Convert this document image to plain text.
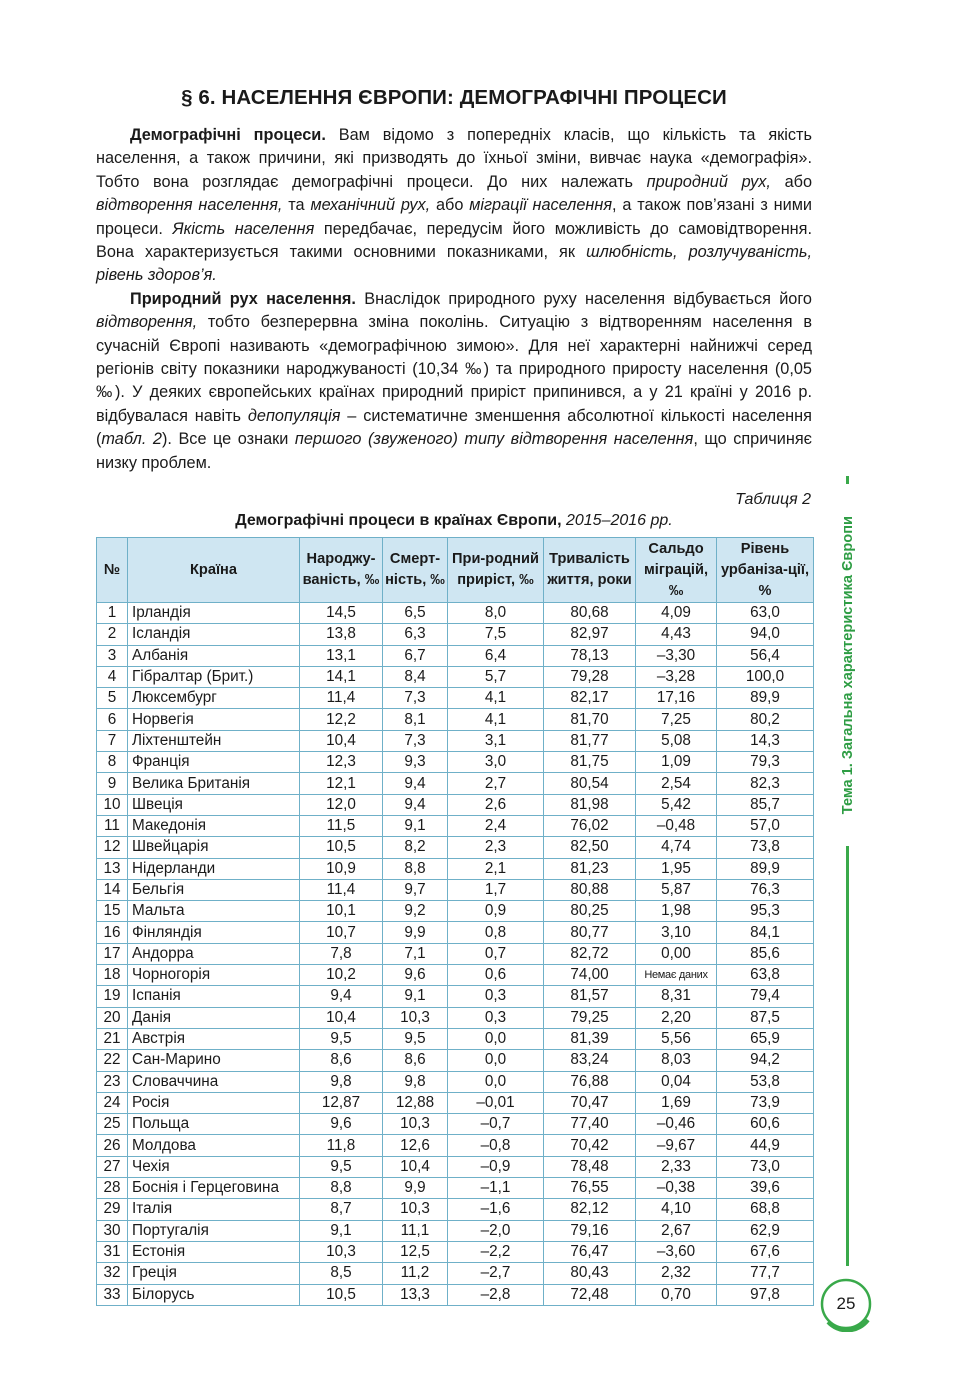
§ 6. НАСЕЛЕННЯ ЄВРОПИ: ДЕМОГРАФІЧНІ ПРОЦЕСИ

Демографічні процеси. Вам відомо з попередніх класів, що кількість та якість населення, а також причини, які призводять до їхньої зміни, вивчає наука «демографія». Тобто вона розглядає демографічні процеси. До них належать природний рух, або відтворення населення, та механічний рух, або міграції населення, а також пов’язані з ними процеси. Якість населення передбачає, передусім його можливість до самовідтворення. Вона характеризується такими основними показниками, як шлюбність, розлучуваність, рівень здоров’я.

Природний рух населення. Внаслідок природного руху населення відбувається його відтворення, тобто безперервна зміна поколінь. Ситуацію з відтворенням населення в сучасній Європі називають «демографічною зимою». Для неї характерні найнижчі серед регіонів світу показники народжуваності (10,34 ‰) та природного приросту населення (0,05 ‰). У деяких європейських країнах природний приріст припинився, а у 21 країні у 2016 р. відбувалася навіть депопуляція – систематичне зменшення абсолютної кількості населення (табл. 2). Все це ознаки першого (звуженого) типу відтворення населення, що спричиняє низку проблем.

Таблиця 2
Демографічні процеси в країнах Європи, 2015–2016 рр.
№	Країна	Народжу-ваність, ‰	Смерт-ність, ‰	При-родний приріст, ‰	Тривалість життя, роки	Сальдо міграцій, ‰	Рівень урбаніза-ції, %
1	Ірландія	14,5	6,5	8,0	80,68	4,09	63,0
2	Ісландія	13,8	6,3	7,5	82,97	4,43	94,0
3	Албанія	13,1	6,7	6,4	78,13	–3,30	56,4
4	Гібралтар (Брит.)	14,1	8,4	5,7	79,28	–3,28	100,0
5	Люксембург	11,4	7,3	4,1	82,17	17,16	89,9
6	Норвегія	12,2	8,1	4,1	81,70	7,25	80,2
7	Ліхтенштейн	10,4	7,3	3,1	81,77	5,08	14,3
8	Франція	12,3	9,3	3,0	81,75	1,09	79,3
9	Велика Британія	12,1	9,4	2,7	80,54	2,54	82,3
10	Швеція	12,0	9,4	2,6	81,98	5,42	85,7
11	Македонія	11,5	9,1	2,4	76,02	–0,48	57,0
12	Швейцарія	10,5	8,2	2,3	82,50	4,74	73,8
13	Нідерланди	10,9	8,8	2,1	81,23	1,95	89,9
14	Бельгія	11,4	9,7	1,7	80,88	5,87	76,3
15	Мальта	10,1	9,2	0,9	80,25	1,98	95,3
16	Фінляндія	10,7	9,9	0,8	80,77	3,10	84,1
17	Андорра	7,8	7,1	0,7	82,72	0,00	85,6
18	Чорногорія	10,2	9,6	0,6	74,00	Немає даних	63,8
19	Іспанія	9,4	9,1	0,3	81,57	8,31	79,4
20	Данія	10,4	10,3	0,3	79,25	2,20	87,5
21	Австрія	9,5	9,5	0,0	81,39	5,56	65,9
22	Сан-Марино	8,6	8,6	0,0	83,24	8,03	94,2
23	Словаччина	9,8	9,8	0,0	76,88	0,04	53,8
24	Росія	12,87	12,88	–0,01	70,47	1,69	73,9
25	Польща	9,6	10,3	–0,7	77,40	–0,46	60,6
26	Молдова	11,8	12,6	–0,8	70,42	–9,67	44,9
27	Чехія	9,5	10,4	–0,9	78,48	2,33	73,0
28	Боснія і Герцеговина	8,8	9,9	–1,1	76,55	–0,38	39,6
29	Італія	8,7	10,3	–1,6	82,12	4,10	68,8
30	Португалія	9,1	11,1	–2,0	79,16	2,67	62,9
31	Естонія	10,3	12,5	–2,2	76,47	–3,60	67,6
32	Греція	8,5	11,2	–2,7	80,43	2,32	77,7
33	Білорусь	10,5	13,3	–2,8	72,48	0,70	97,8
Тема 1. Загальна характеристика Європи
25
